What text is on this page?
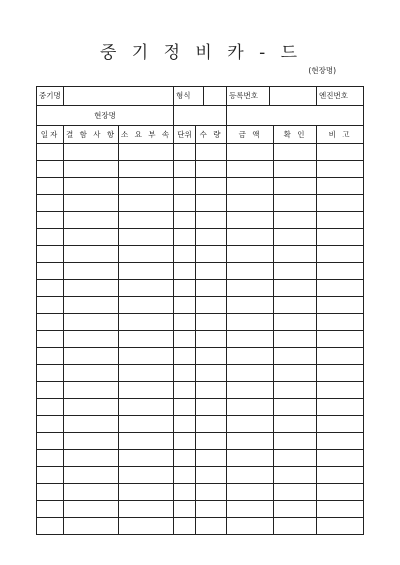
중 기 정 비 카 - 드
(현장명)
중기명			형식		등록번호		엔진번호

현장명							
일자	결 함 사 항	소 요 부 속	단위	수 량	금 액	확 인	비 고
